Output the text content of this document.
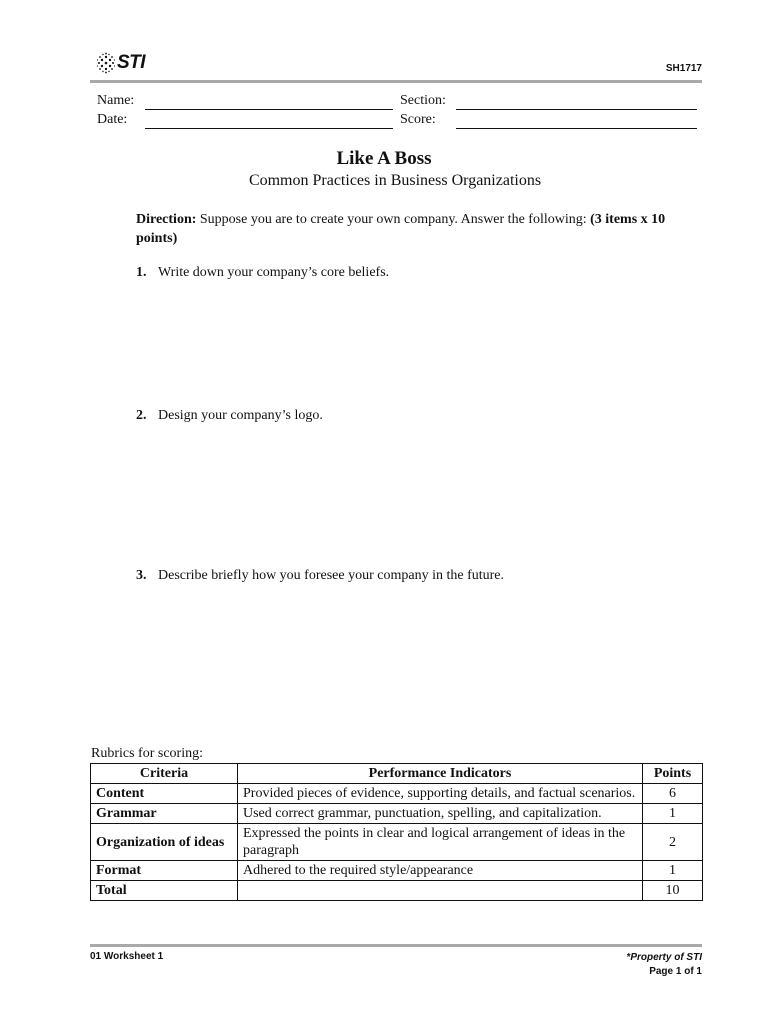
STI	SH1717
Name:	Section:
Date:	Score:
Like A Boss
Common Practices in Business Organizations
Direction: Suppose you are to create your own company. Answer the following: (3 items x 10 points)
1. Write down your company’s core beliefs.
2. Design your company’s logo.
3. Describe briefly how you foresee your company in the future.
Rubrics for scoring:
Criteria	Performance Indicators	Points
Content	Provided pieces of evidence, supporting details, and factual scenarios.	6
Grammar	Used correct grammar, punctuation, spelling, and capitalization.	1
Organization of ideas	Expressed the points in clear and logical arrangement of ideas in the paragraph	2
Format	Adhered to the required style/appearance	1
Total		10
01 Worksheet 1	*Property of STI
Page 1 of 1
